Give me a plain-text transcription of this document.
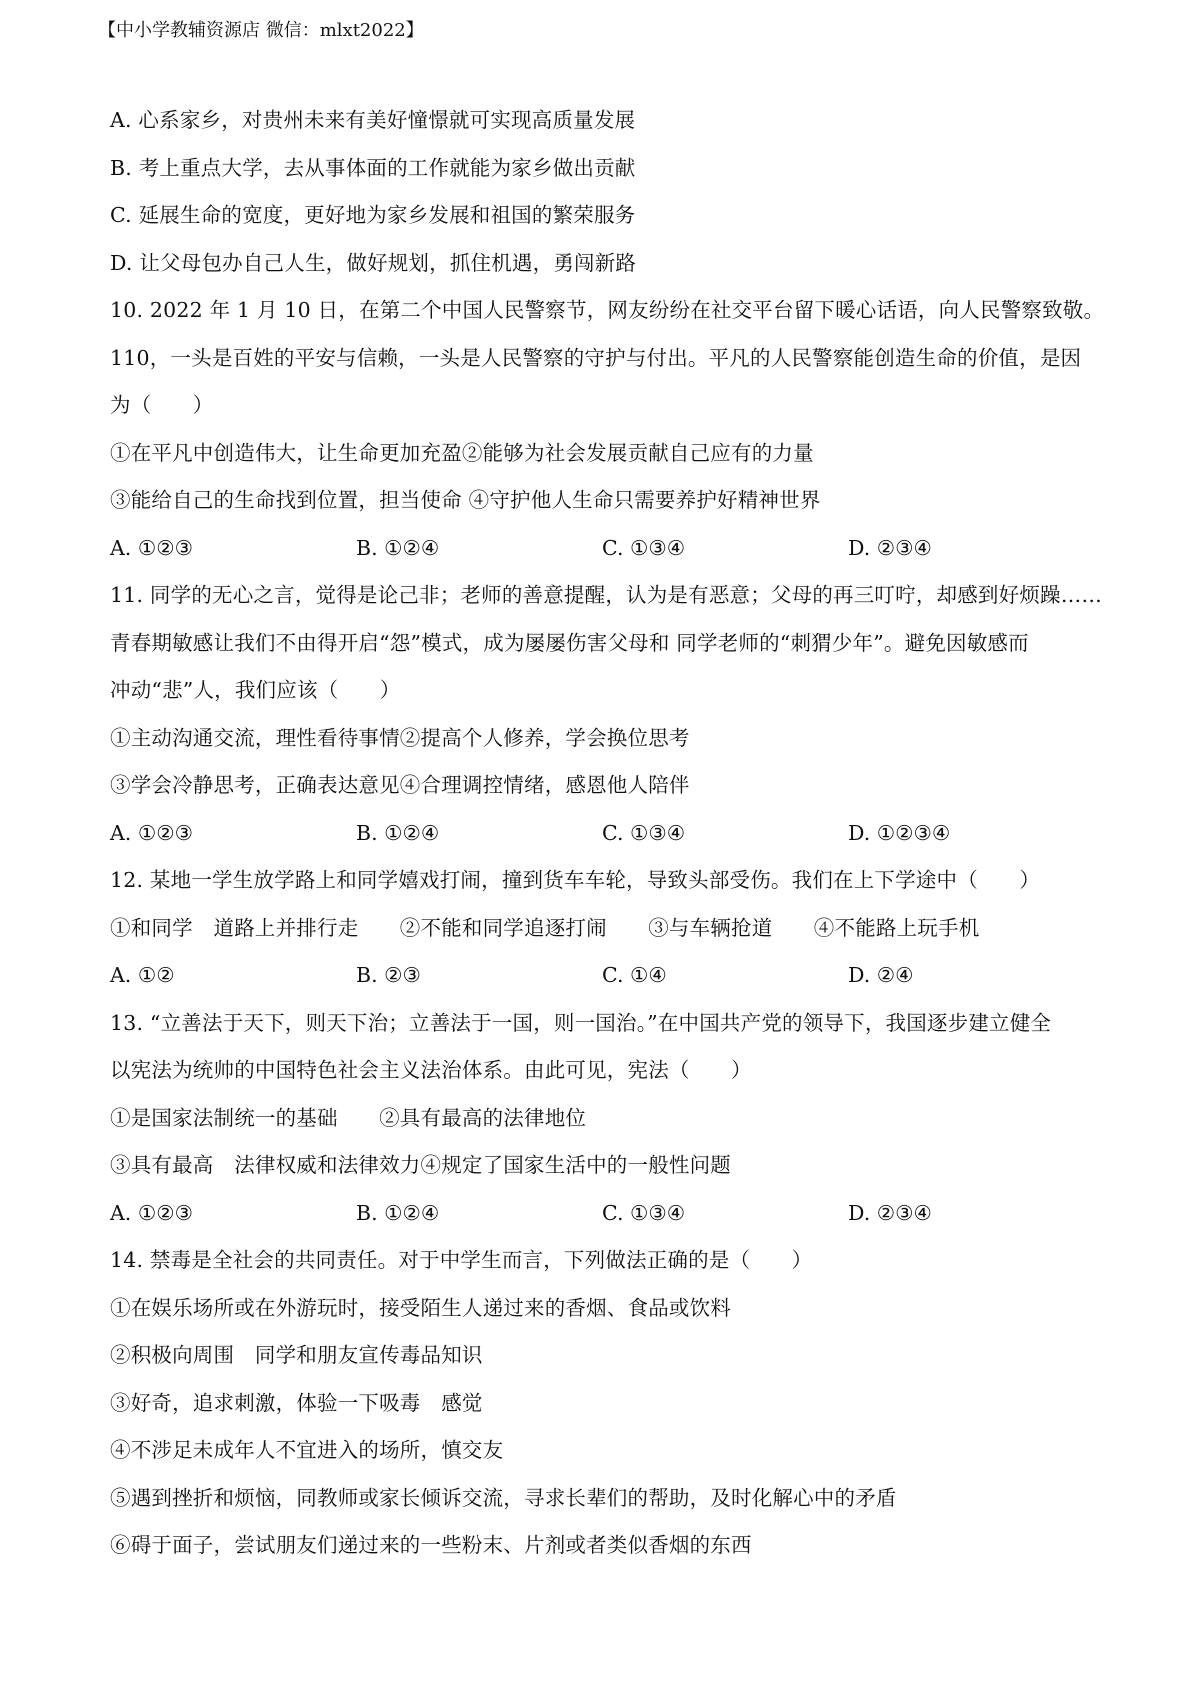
【中小学教辅资源店 微信：mlxt2022】
A. 心系家乡，对贵州未来有美好憧憬就可实现高质量发展
B. 考上重点大学，去从事体面的工作就能为家乡做出贡献
C. 延展生命的宽度，更好地为家乡发展和祖国的繁荣服务
D. 让父母包办自己人生，做好规划，抓住机遇，勇闯新路
10. 2022 年 1 月 10 日，在第二个中国人民警察节，网友纷纷在社交平台留下暖心话语，向人民警察致敬。
110，一头是百姓的平安与信赖，一头是人民警察的守护与付出。平凡的人民警察能创造生命的价值，是因
为（　　）
①在平凡中创造伟大，让生命更加充盈②能够为社会发展贡献自己应有的力量
③能给自己的生命找到位置，担当使命 ④守护他人生命只需要养护好精神世界
A. ①②③	B. ①②④	C. ①③④	D. ②③④
11. 同学的无心之言，觉得是论己非；老师的善意提醒，认为是有恶意；父母的再三叮咛，却感到好烦躁……
青春期敏感让我们不由得开启“怨”模式，成为屡屡伤害父母和 同学老师的“刺猬少年”。避免因敏感而
冲动“悲”人，我们应该（　　）
①主动沟通交流，理性看待事情②提高个人修养，学会换位思考
③学会冷静思考，正确表达意见④合理调控情绪，感恩他人陪伴
A. ①②③	B. ①②④	C. ①③④	D. ①②③④
12. 某地一学生放学路上和同学嬉戏打闹，撞到货车车轮，导致头部受伤。我们在上下学途中（　　）
①和同学　道路上并排行走　　②不能和同学追逐打闹　　③与车辆抢道　　④不能路上玩手机
A. ①②	B. ②③	C. ①④	D. ②④
13. “立善法于天下，则天下治；立善法于一国，则一国治。”在中国共产党的领导下，我国逐步建立健全
以宪法为统帅的中国特色社会主义法治体系。由此可见，宪法（　　）
①是国家法制统一的基础　　②具有最高的法律地位
③具有最高　法律权威和法律效力④规定了国家生活中的一般性问题
A. ①②③	B. ①②④	C. ①③④	D. ②③④
14. 禁毒是全社会的共同责任。对于中学生而言，下列做法正确的是（　　）
①在娱乐场所或在外游玩时，接受陌生人递过来的香烟、食品或饮料
②积极向周围　同学和朋友宣传毒品知识
③好奇，追求刺激，体验一下吸毒　感觉
④不涉足未成年人不宜进入的场所，慎交友
⑤遇到挫折和烦恼，同教师或家长倾诉交流，寻求长辈们的帮助，及时化解心中的矛盾
⑥碍于面子，尝试朋友们递过来的一些粉末、片剂或者类似香烟的东西
